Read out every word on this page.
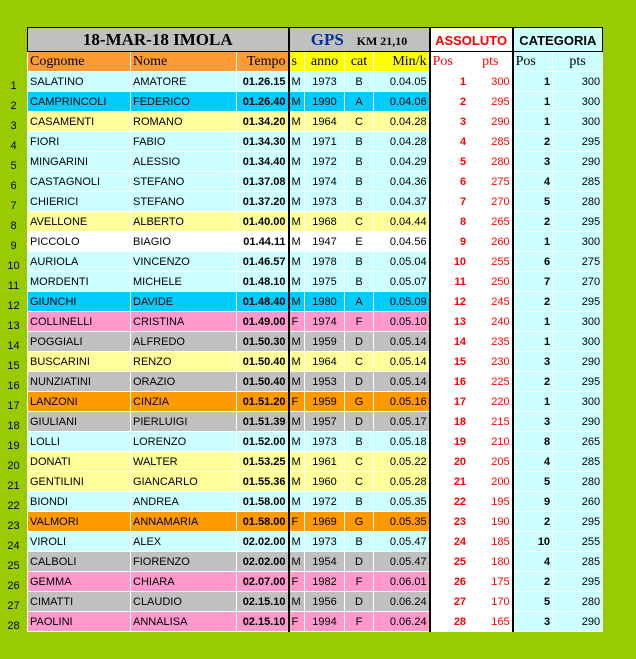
1
2
3
4
5
6
7
8
9
10
11
12
13
14
15
16
17
18
19
20
21
22
23
24
25
26
27
28
18-MAR-18 IMOLA			GPS KM 21,10				ASSOLUTO		CATEGORIA	
Cognome	Nome	Tempo	s	anno	cat	Min/k	Pos	pts	Pos	pts
SALATINO	AMATORE	01.26.15	M	1973	B	0.04.05	1	300	1	300
CAMPRINCOLI	FEDERICO	01.26.40	M	1990	A	0.04.06	2	295	1	300
CASAMENTI	ROMANO	01.34.20	M	1964	C	0.04.28	3	290	1	300
FIORI	FABIO	01.34.30	M	1971	B	0.04.28	4	285	2	295
MINGARINI	ALESSIO	01.34.40	M	1972	B	0.04.29	5	280	3	290
CASTAGNOLI	STEFANO	01.37.08	M	1974	B	0.04.36	6	275	4	285
CHIERICI	STEFANO	01.37.20	M	1973	B	0.04.37	7	270	5	280
AVELLONE	ALBERTO	01.40.00	M	1968	C	0.04.44	8	265	2	295
PICCOLO	BIAGIO	01.44.11	M	1947	E	0.04.56	9	260	1	300
AURIOLA	VINCENZO	01.46.57	M	1978	B	0.05.04	10	255	6	275
MORDENTI	MICHELE	01.48.10	M	1975	B	0.05.07	11	250	7	270
GIUNCHI	DAVIDE	01.48.40	M	1980	A	0.05.09	12	245	2	295
COLLINELLI	CRISTINA	01.49.00	F	1974	F	0.05.10	13	240	1	300
POGGIALI	ALFREDO	01.50.30	M	1959	D	0.05.14	14	235	1	300
BUSCARINI	RENZO	01.50.40	M	1964	C	0.05.14	15	230	3	290
NUNZIATINI	ORAZIO	01.50.40	M	1953	D	0.05.14	16	225	2	295
LANZONI	CINZIA	01.51.20	F	1959	G	0.05.16	17	220	1	300
GIULIANI	PIERLUIGI	01.51.39	M	1957	D	0.05.17	18	215	3	290
LOLLI	LORENZO	01.52.00	M	1973	B	0.05.18	19	210	8	265
DONATI	WALTER	01.53.25	M	1961	C	0.05.22	20	205	4	285
GENTILINI	GIANCARLO	01.55.36	M	1960	C	0.05.28	21	200	5	280
BIONDI	ANDREA	01.58.00	M	1972	B	0.05.35	22	195	9	260
VALMORI	ANNAMARIA	01.58.00	F	1969	G	0.05.35	23	190	2	295
VIROLI	ALEX	02.02.00	M	1973	B	0.05.47	24	185	10	255
CALBOLI	FIORENZO	02.02.00	M	1954	D	0.05.47	25	180	4	285
GEMMA	CHIARA	02.07.00	F	1982	F	0.06.01	26	175	2	295
CIMATTI	CLAUDIO	02.15.10	M	1956	D	0.06.24	27	170	5	280
PAOLINI	ANNALISA	02.15.10	F	1994	F	0.06.24	28	165	3	290
